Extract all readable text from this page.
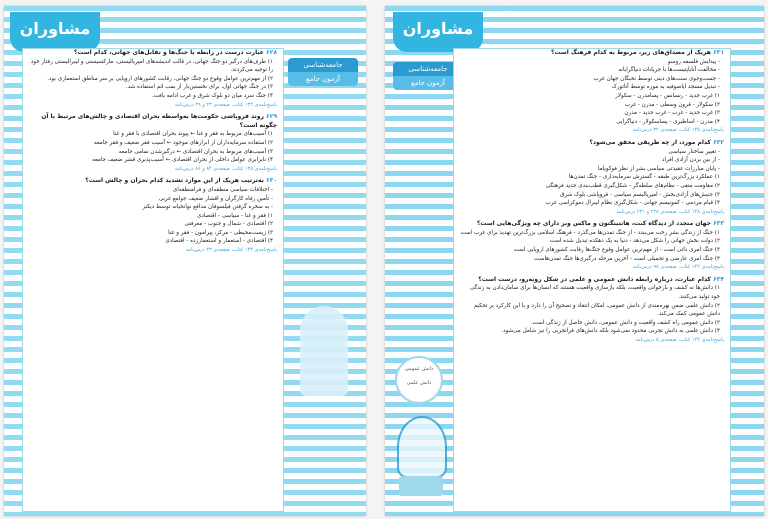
مشاوران
جامعه‌شناسی
آزمون جامع
۶۲۸ عبارت درست در رابطه با جنگ‌ها و تقابل‌های جهانی، کدام است؟
۱) طرف‌های درگیر دو جنگ جهانی، در قالب اندیشه‌های امپریالیستی، مارکسیستی و لیبرالیستی رفتار خود را توجیه می‌کردند.
۲) از مهم‌ترین عوامل وقوع دو جنگ جهانی، رقابت کشورهای اروپایی بر سر مناطق استعماری بود.
۳) در جنگ جهانی اول، برای نخستین‌بار از بمب اتم استفاده شد.
۴) جنگ سرد میان دو بلوک شرق و غرب ادامه یافت.
پاسخ‌نامه‌ی ۱۳۴ کتاب، صفحه‌ی ۲۳ و ۲۹ درس‌نامه
۶۲۹ روند فروپاشی حکومت‌ها به‌واسطه بحران اقتصادی و چالش‌های مرتبط با آن چگونه است؟
۱) آسیب‌های مربوط به فقر و غنا ← پیوند بحران اقتصادی با فقر و غنا
۲) استفاده سرمایه‌داران از ابزارهای موجود ← آسیب فقر ضعیف و فقر جامعه
۳) آسیب‌های مربوط به بحران اقتصادی ← درگیرشدن تمامی جامعه
۴) نابرابری عوامل داخلی از بحران اقتصادی ← آسیب‌پذیری قشر ضعیف جامعه
پاسخ‌نامه‌ی ۱۴۵ کتاب، صفحه‌ی ۸۴ و ۸۶ درس‌نامه
۶۳۰ به‌ترتیب هریک از این موارد تشدید کدام بحران و چالش است؟
- اختلافات سیاسی منطقه‌ای و فرامنطقه‌ای
- تأمین رفاه کارگران و اقشار ضعیف جوامع غربی
- به سخره گرفتن فیلسوفان مدافع نوانخیانه توسط دیکنز
۱) فقر و غنا - سیاسی - اقتصادی
۲) اقتصادی - شمال و جنوب - معرفتی
۳) زیست‌محیطی - مرکز، پیرامون - فقر و غنا
۴) اقتصادی - استعمار و استعمارزده - اقتصادی
پاسخ‌نامه‌ی ۱۳۴ کتاب، صفحه‌ی ۲۳ درس‌نامه
مشاوران
جامعه‌شناسی
آزمون جامع
۶۳۱ هریک از مصداق‌های زیر، مربوط به کدام فرهنگ است؟
- پیدایش فلسفه روسو
- مخالفت آناباپتیست‌ها با جریانات دنیاگرایانه
- جست‌وجوی سنت‌های دینی توسط نخبگان جهان غرب
- تبدیل مسجد ایاصوفیه به موزه توسط آتاتورک
۱) غرب جدید - رنسانس - پسامدرن - سکولار
۲) سکولار - قرون وسطی - مدرن - غرب
۳) غرب جدید - غرب - غرب جدید - مدرن
۴) مدرن - اساطیری - پساسکولار - دنیاگرایی
پاسخ‌نامه‌ی ۱۳۵ کتاب، صفحه‌ی ۳۲ درس‌نامه
۶۳۲ کدام مورد، از چه طریقی محقق می‌شود؟
- تغییر ساختار سیاسی
- از بین بردن آزادی افراد
- پایان مبارزات عقیدتی سیاسی بشر از نظر فوکویاما
۱) عملکرد بزرگ‌ترین طبقه - گسترش سرمایه‌داری - جنگ تمدن‌ها
۲) مقاومت منفی - نظام‌های سلطه‌گر - شکل‌گیری قطب‌بندی جدید فرهنگی
۳) جنبش‌های آزادی‌بخش - امپریالیسم سیاسی - فروپاشی بلوک شرق
۴) قیام مردمی - کمونیسم جهانی - شکل‌گیری نظام لیبرال دموکراسی غرب
پاسخ‌نامه‌ی ۱۴۸ کتاب، صفحه‌ی ۲۲۸ و ۲۳۱ درس‌نامه
۶۳۳ جهان متجدد از دیدگاه کنت، هانتینگتون و ماکس وبر دارای چه ویژگی‌هایی است؟
۱) جنگ از زندگی بشر رخت می‌بندد - از جنگ تمدن‌ها می‌گذرد - فرهنگ اسلامی بزرگ‌ترین تهدید برای غرب است
۲) دولت بخش جهانی را شکل می‌دهد - دنیا به یک دهکده تبدیل شده است
۳) جنگ امری ذاتی است - از مهم‌ترین عوامل وقوع جنگ‌ها رقابت کشورهای اروپایی است
۴) جنگ امری عارضی و تحمیلی است - آخرین مرحله درگیری‌ها جنگ تمدن‌هاست
پاسخ‌نامه‌ی ۱۴۲ کتاب، صفحه‌ی ۹۸ درس‌نامه
۶۳۴ کدام عبارت، درباره رابطه دانش عمومی و علمی در شکل روبه‌رو، درست است؟
۱) دانش‌ها نه کشف و بازخوانی واقعیت، بلکه بازسازی واقعیت هستند که انسان‌ها برای سامان‌دادن به زندگی خود تولید می‌کنند.
۲) دانش علمی ضمن بهره‌مندی از دانش عمومی، امکان انتقاد و تصحیح آن را دارد و با این کارکرد بر تحکیم دانش عمومی کمک می‌کند.
۳) دانش عمومی راه کشف واقعیت و دانش عمومی، دانش حاصل از زندگی است.
۴) دانش علمی به دانش تجربی محدود نمی‌شود بلکه دانش‌های فراتجربی را نیز شامل می‌شود.
پاسخ‌نامه‌ی ۱۲۴ کتاب، صفحه‌ی ۵ درس‌نامه
دانش عمومی
دانش علمی
